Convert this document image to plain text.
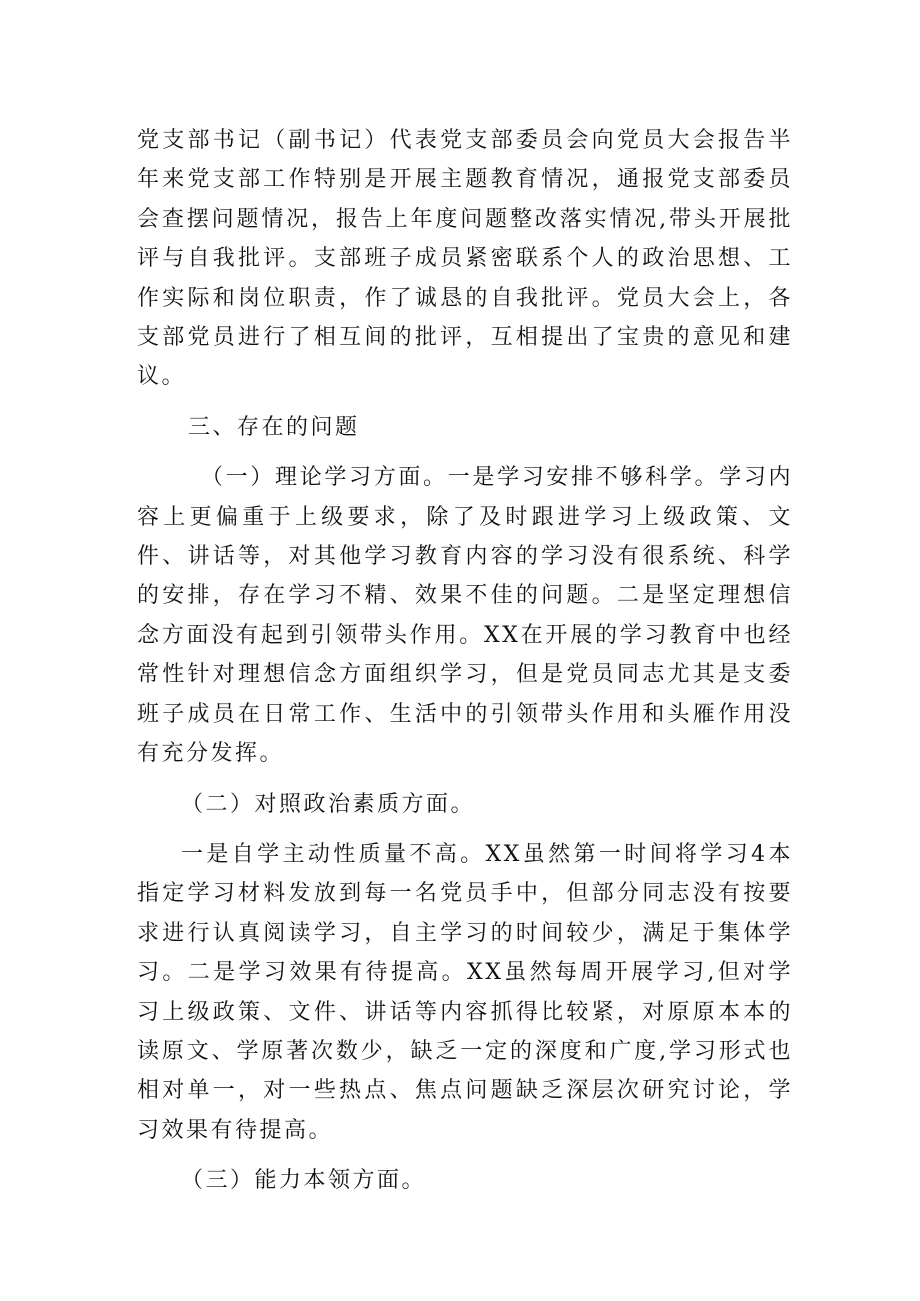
党支部书记（副书记）代表党支部委员会向党员大会报告半年来党支部工作特别是开展主题教育情况，通报党支部委员会查摆问题情况，报告上年度问题整改落实情况,带头开展批评与自我批评。支部班子成员紧密联系个人的政治思想、工作实际和岗位职责，作了诚恳的自我批评。党员大会上，各支部党员进行了相互间的批评，互相提出了宝贵的意见和建议。

三、存在的问题

（一）理论学习方面。一是学习安排不够科学。学习内容上更偏重于上级要求，除了及时跟进学习上级政策、文件、讲话等，对其他学习教育内容的学习没有很系统、科学的安排，存在学习不精、效果不佳的问题。二是坚定理想信念方面没有起到引领带头作用。XX在开展的学习教育中也经常性针对理想信念方面组织学习，但是党员同志尤其是支委班子成员在日常工作、生活中的引领带头作用和头雁作用没有充分发挥。

（二）对照政治素质方面。

一是自学主动性质量不高。XX虽然第一时间将学习4本指定学习材料发放到每一名党员手中，但部分同志没有按要求进行认真阅读学习，自主学习的时间较少，满足于集体学习。二是学习效果有待提高。XX虽然每周开展学习,但对学习上级政策、文件、讲话等内容抓得比较紧，对原原本本的读原文、学原著次数少，缺乏一定的深度和广度,学习形式也相对单一，对一些热点、焦点问题缺乏深层次研究讨论，学习效果有待提高。

（三）能力本领方面。
